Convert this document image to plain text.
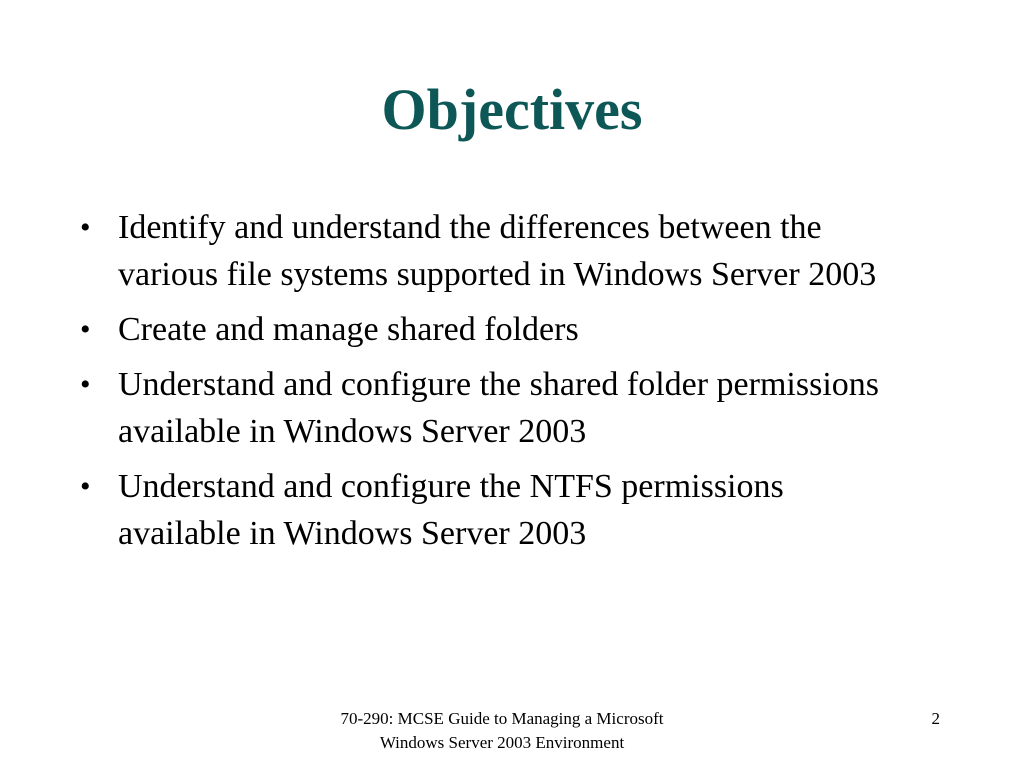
Objectives
• Identify and understand the differences between the various file systems supported in Windows Server 2003
• Create and manage shared folders
• Understand and configure the shared folder permissions available in Windows Server 2003
• Understand and configure the NTFS permissions available in Windows Server 2003
70-290: MCSE Guide to Managing a Microsoft
Windows Server 2003 Environment
2
